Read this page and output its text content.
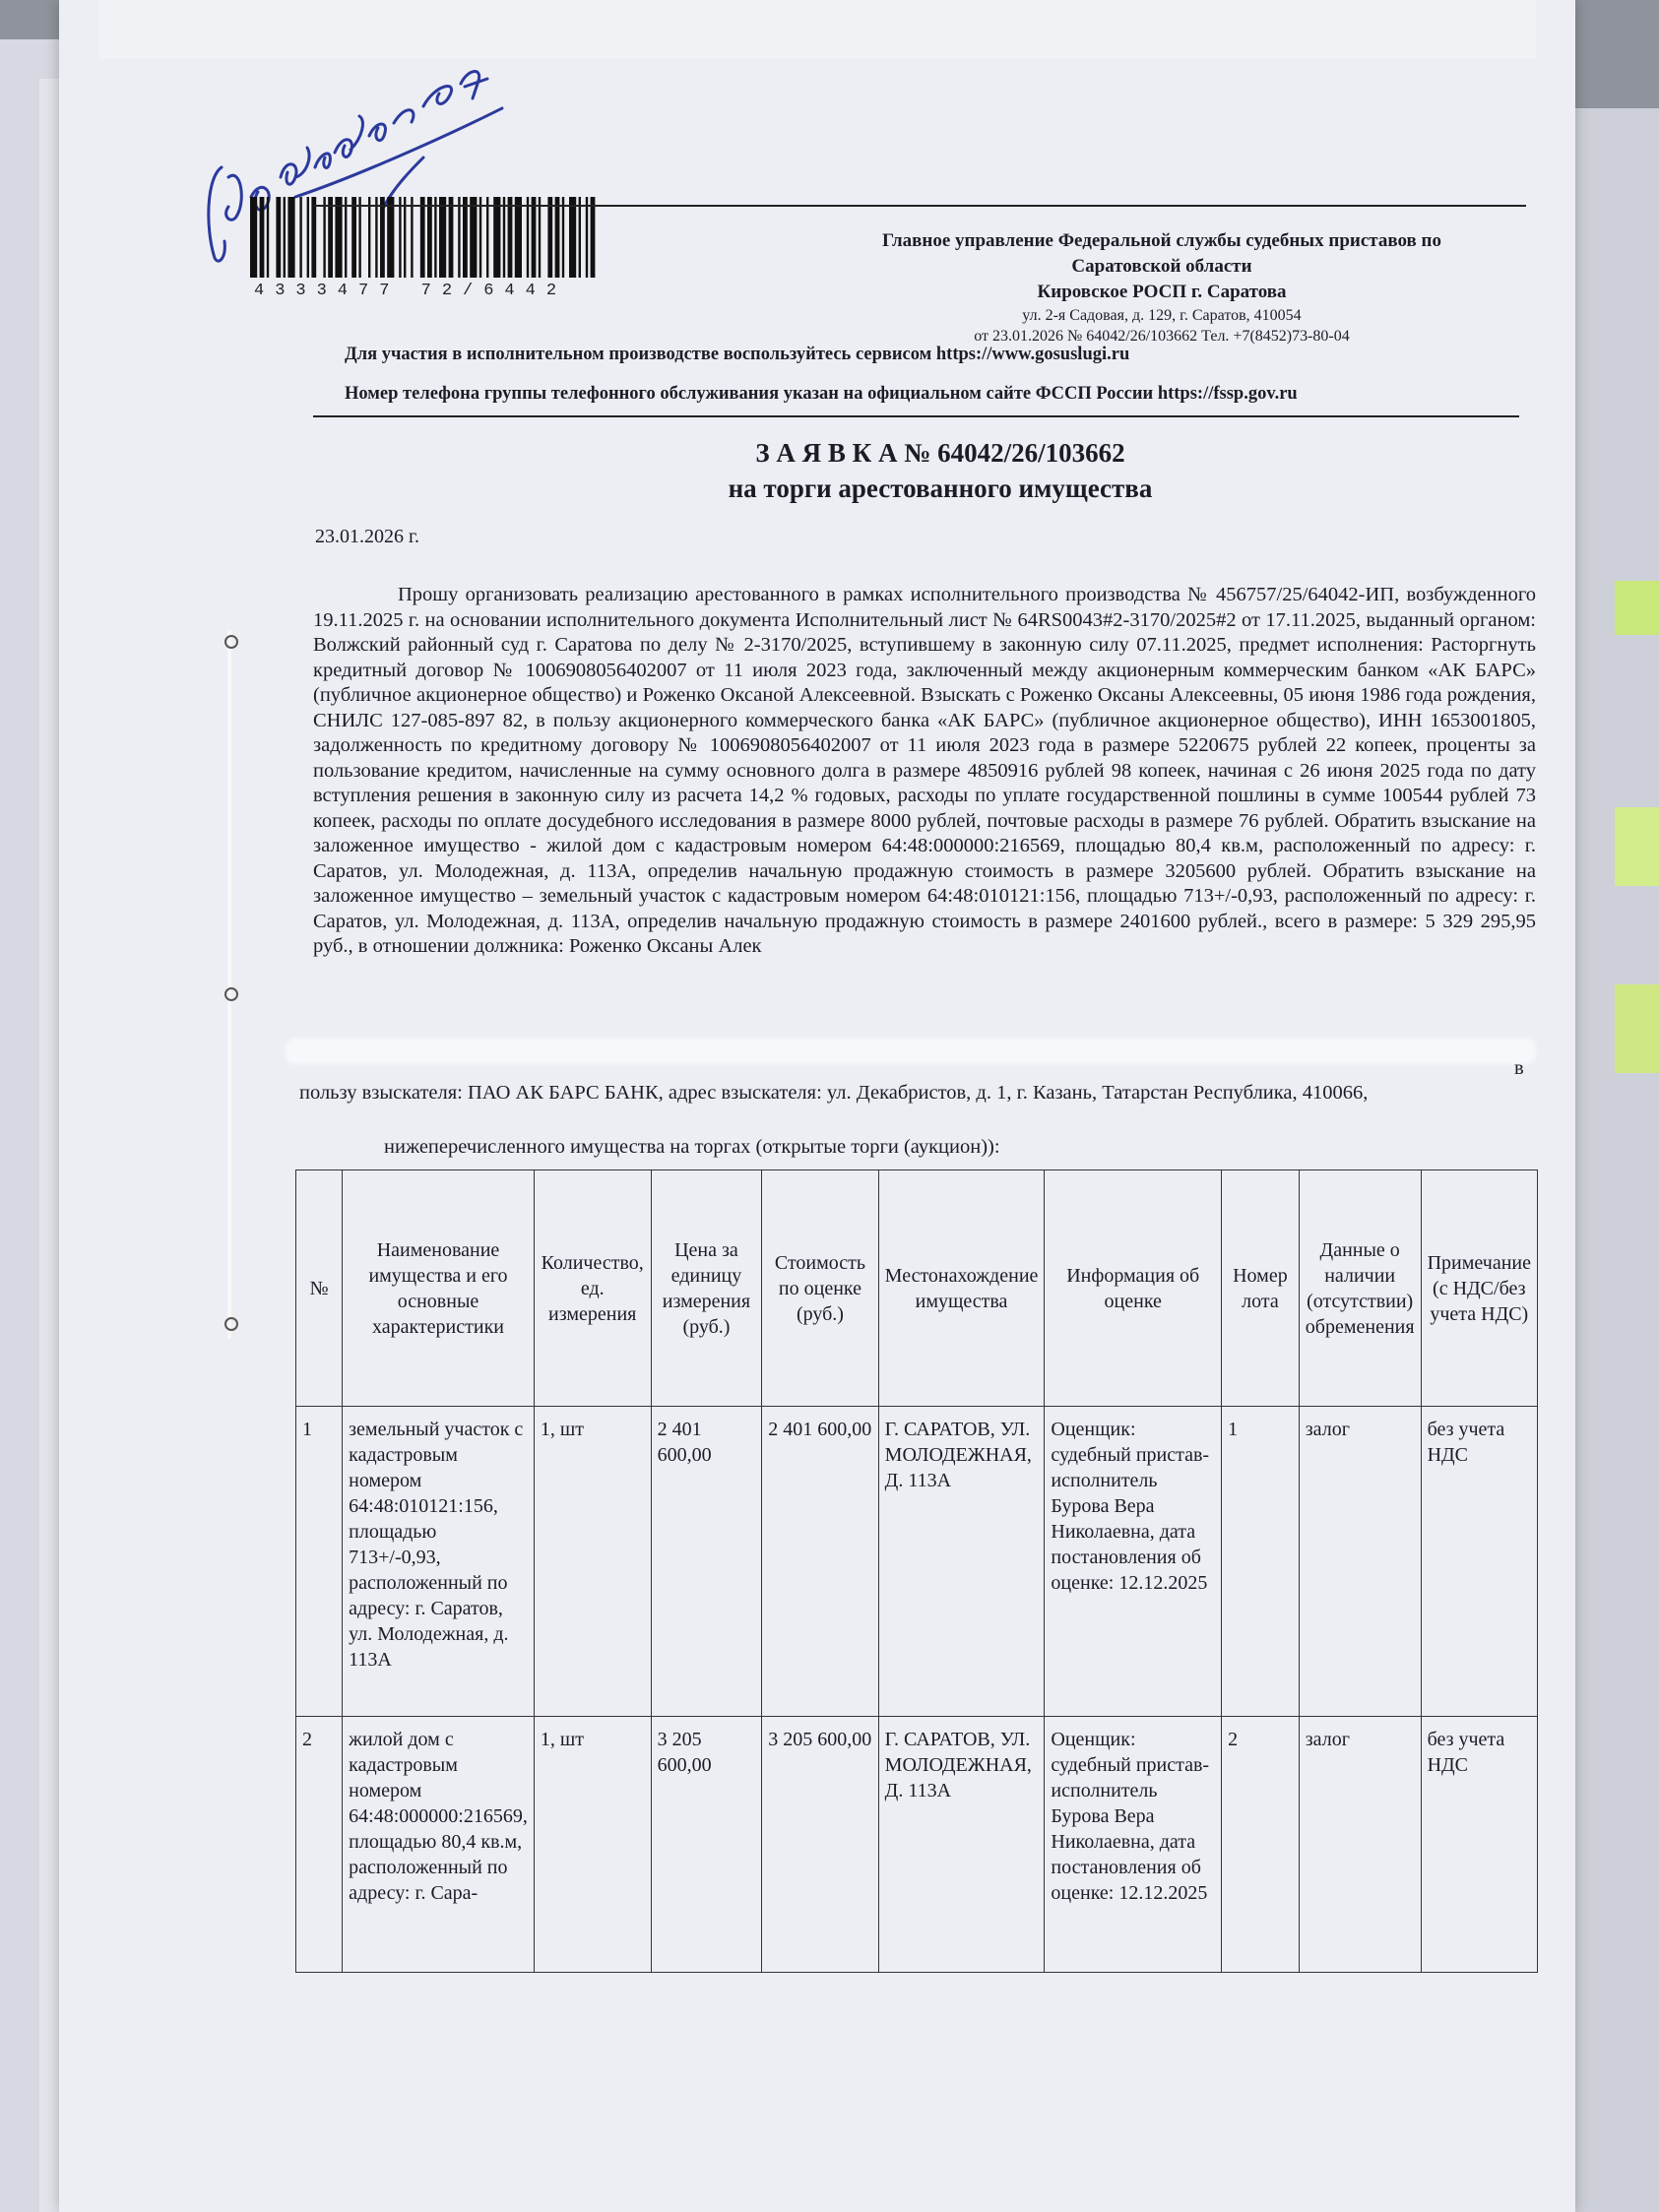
4333477 72/6442
Главное управление Федеральной службы судебных приставов по
Саратовской области
Кировское РОСП г. Саратова
ул. 2-я Садовая, д. 129, г. Саратов, 410054
от 23.01.2026 № 64042/26/103662 Тел. +7(8452)73-80-04
Для участия в исполнительном производстве воспользуйтесь сервисом https://www.gosuslugi.ru
Номер телефона группы телефонного обслуживания указан на официальном сайте ФССП России https://fssp.gov.ru
З А Я В К А № 64042/26/103662
на торги арестованного имущества
23.01.2026 г.
Прошу организовать реализацию арестованного в рамках исполнительного производства № 456757/25/64042-ИП, возбужденного 19.11.2025 г. на основании исполнительного документа Исполнительный лист № 64RS0043#2-3170/2025#2 от 17.11.2025, выданный органом: Волжский районный суд г. Саратова по делу № 2-3170/2025, вступившему в законную силу 07.11.2025, предмет исполнения: Расторгнуть кредитный договор № 1006908056402007 от 11 июля 2023 года, заключенный между акционерным коммерческим банком «АК БАРС» (публичное акционерное общество) и Роженко Оксаной Алексеевной. Взыскать с Роженко Оксаны Алексеевны, 05 июня 1986 года рождения, СНИЛС 127-085-897 82, в пользу акционерного коммерческого банка «АК БАРС» (публичное акционерное общество), ИНН 1653001805, задолженность по кредитному договору № 1006908056402007 от 11 июля 2023 года в размере 5220675 рублей 22 копеек, проценты за пользование кредитом, начисленные на сумму основного долга в размере 4850916 рублей 98 копеек, начиная с 26 июня 2025 года по дату вступления решения в законную силу из расчета 14,2 % годовых, расходы по уплате государственной пошлины в сумме 100544 рублей 73 копеек, расходы по оплате досудебного исследования в размере 8000 рублей, почтовые расходы в размере 76 рублей. Обратить взыскание на заложенное имущество - жилой дом с кадастровым номером 64:48:000000:216569, площадью 80,4 кв.м, расположенный по адресу: г. Саратов, ул. Молодежная, д. 113А, определив начальную продажную стоимость в размере 3205600 рублей. Обратить взыскание на заложенное имущество – земельный участок с кадастровым номером 64:48:010121:156, площадью 713+/-0,93, расположенный по адресу: г. Саратов, ул. Молодежная, д. 113А, определив начальную продажную стоимость в размере 2401600 рублей., всего в размере: 5 329 295,95 руб., в отношении должника: Роженко Оксаны Алек
в
пользу взыскателя: ПАО АК БАРС БАНК, адрес взыскателя: ул. Декабристов, д. 1, г. Казань, Татарстан Республика, 410066,
нижеперечисленного имущества на торгах (открытые торги (аукцион)):
№	Наименование имущества и его основные характеристики	Количество, ед. измерения	Цена за единицу измерения (руб.)	Стоимость по оценке (руб.)	Местонахождение имущества	Информация об оценке	Номер лота	Данные о наличии (отсутствии) обременения	Примечание (с НДС/без учета НДС)
1	земельный участок с кадастровым номером 64:48:010121:156, площадью 713+/-0,93, расположенный по адресу: г. Саратов, ул. Молодежная, д. 113А	1, шт	2 401 600,00	2 401 600,00	Г. САРАТОВ, УЛ. МОЛОДЕЖНАЯ, Д. 113А	Оценщик: судебный пристав-исполнитель Бурова Вера Николаевна, дата постановления об оценке: 12.12.2025	1	залог	без учета НДС
2	жилой дом с кадастровым номером 64:48:000000:216569, площадью 80,4 кв.м, расположенный по адресу: г. Сара-	1, шт	3 205 600,00	3 205 600,00	Г. САРАТОВ, УЛ. МОЛОДЕЖНАЯ, Д. 113А	Оценщик: судебный пристав-исполнитель Бурова Вера Николаевна, дата постановления об оценке: 12.12.2025	2	залог	без учета НДС
